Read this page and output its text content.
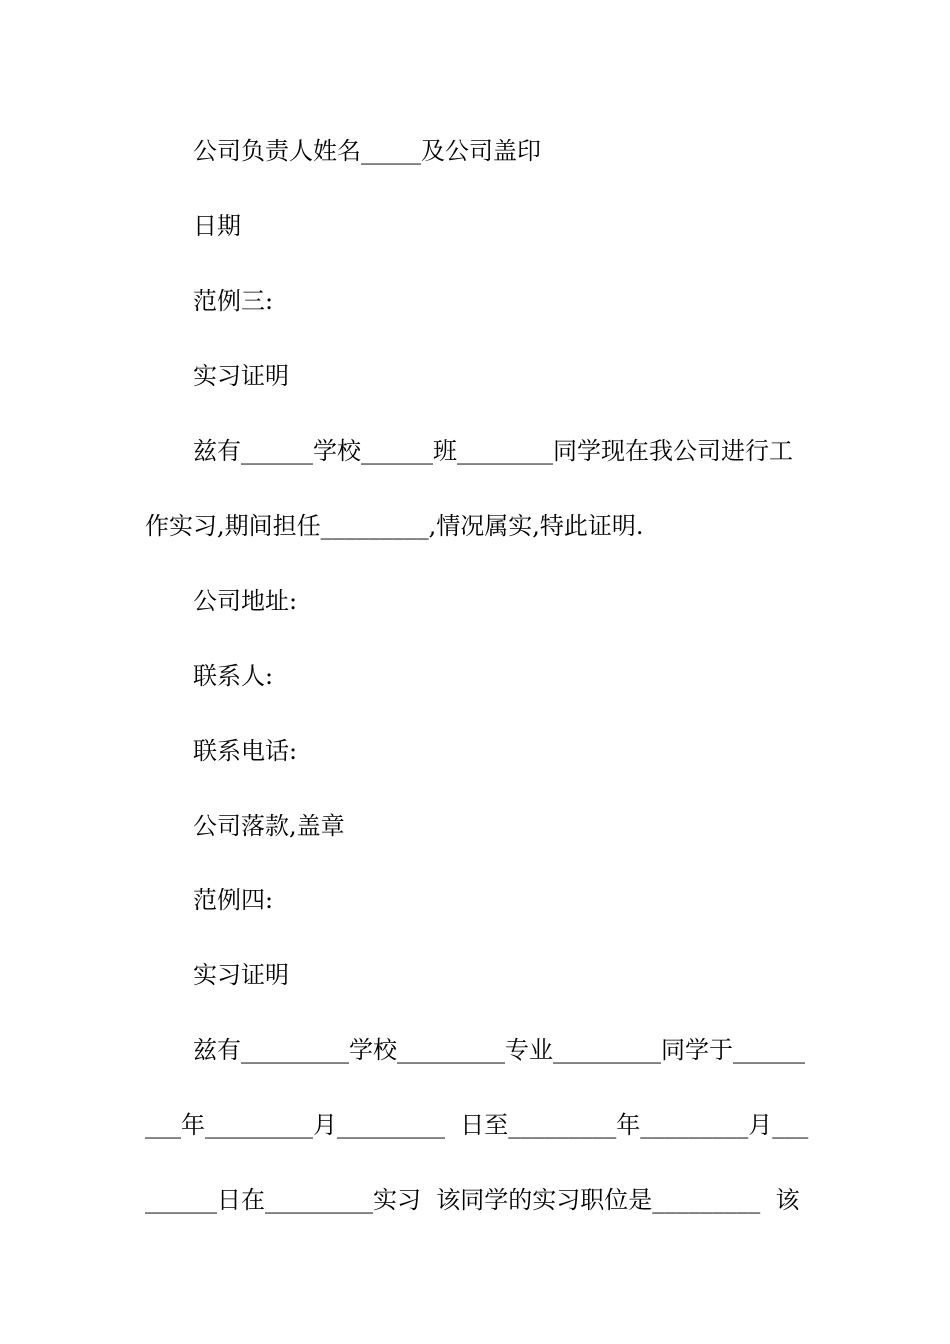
公司负责人姓名_____及公司盖印
日期
范例三:
实习证明
兹有______学校______班________同学现在我公司进行工
作实习,期间担任_________,情况属实,特此证明.
公司地址:
联系人:
联系电话:
公司落款,盖章
范例四:
实习证明
兹有_________学校_________专业_________同学于______
___年_________月_________  日至_________年_________月___
______日在_________实习  该同学的实习职位是_________  该
